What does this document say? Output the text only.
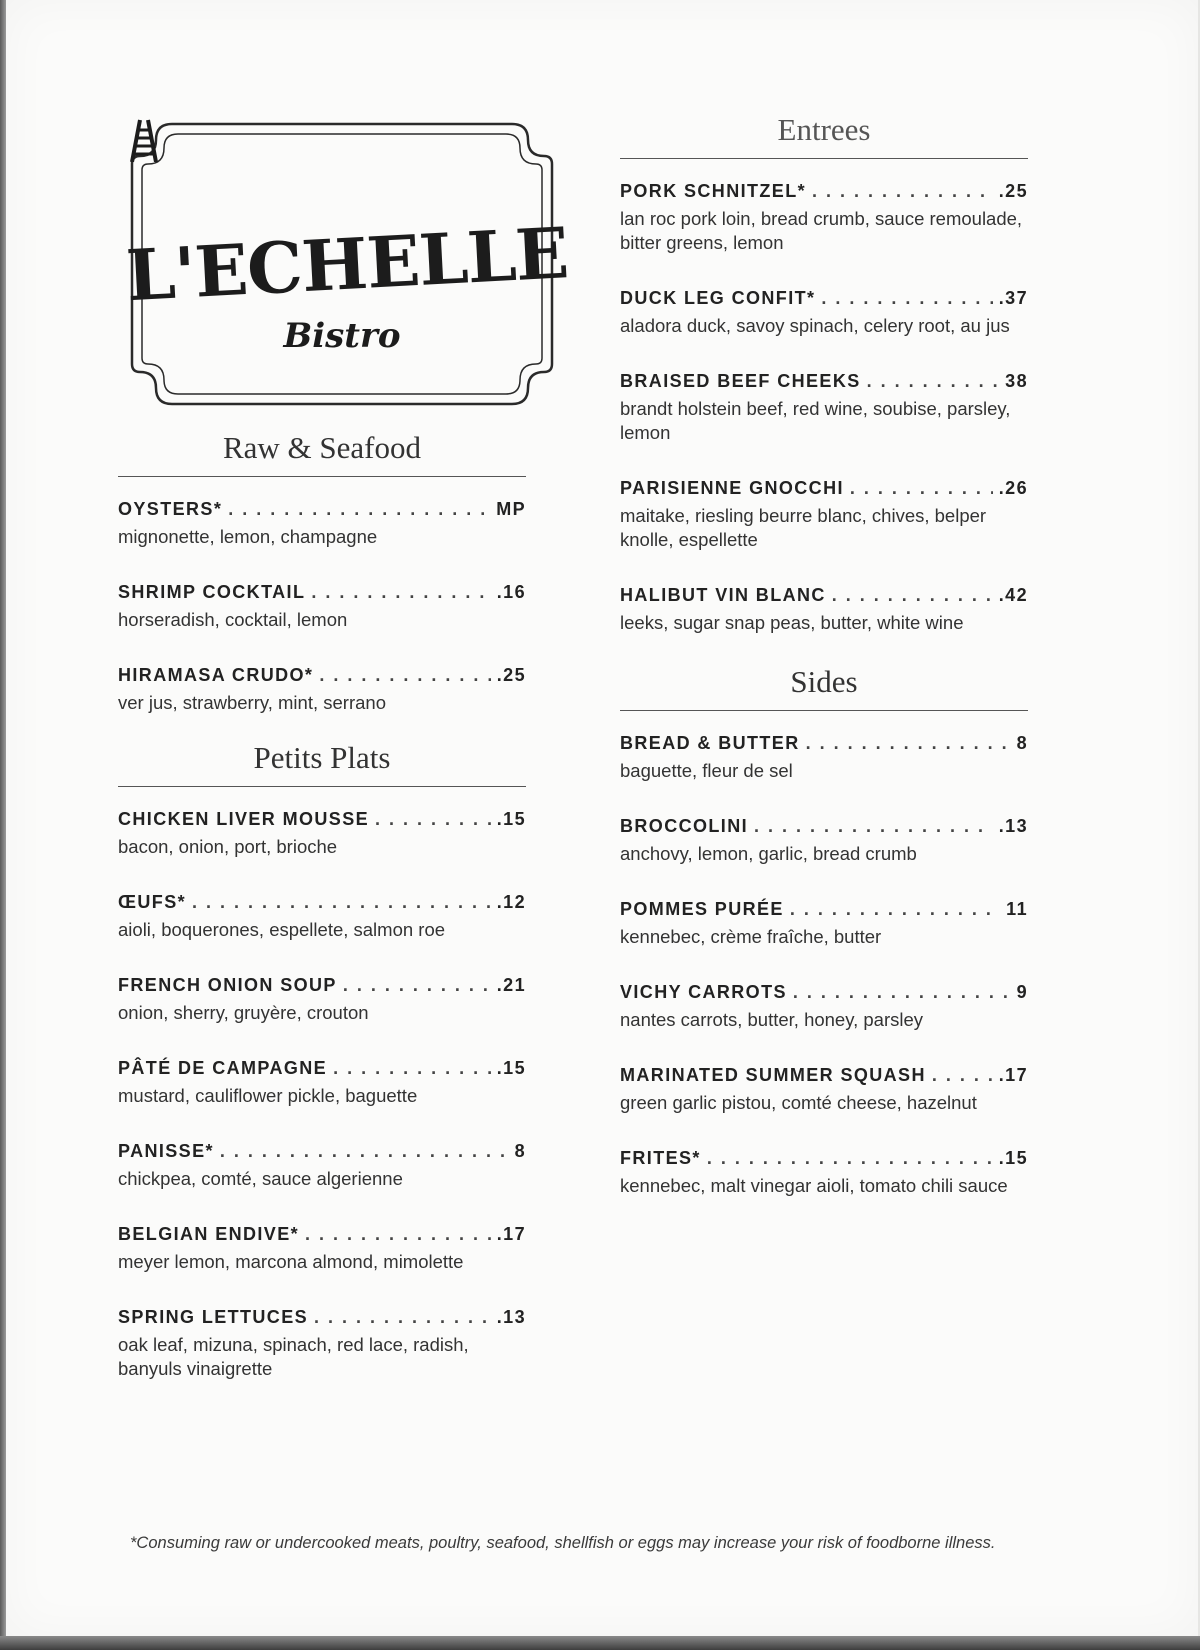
L'ECHELLE
Bistro
Raw & Seafood
OYSTERS* . . .	MP
mignonette, lemon, champagne
SHRIMP COCKTAIL . . .	.16
horseradish, cocktail, lemon
HIRAMASA CRUDO* . . .	.25
ver jus, strawberry, mint, serrano
Petits Plats
CHICKEN LIVER MOUSSE . . .	.15
bacon, onion, port, brioche
ŒUFS* . . .	.12
aioli, boquerones, espellete, salmon roe
FRENCH ONION SOUP . . .	.21
onion, sherry, gruyère, crouton
PÂTÉ DE CAMPAGNE . . .	.15
mustard, cauliflower pickle, baguette
PANISSE* . . .	8
chickpea, comté, sauce algerienne
BELGIAN ENDIVE* . . .	.17
meyer lemon, marcona almond, mimolette
SPRING LETTUCES . . .	.13
oak leaf, mizuna, spinach, red lace, radish, banyuls vinaigrette
Entrees
PORK SCHNITZEL* . . .	.25
lan roc pork loin, bread crumb, sauce remoulade, bitter greens, lemon
DUCK LEG CONFIT* . . .	.37
aladora duck, savoy spinach, celery root, au jus
BRAISED BEEF CHEEKS . . .	38
brandt holstein beef, red wine, soubise, parsley, lemon
PARISIENNE GNOCCHI . . .	.26
maitake, riesling beurre blanc, chives, belper knolle, espellette
HALIBUT VIN BLANC . . .	.42
leeks, sugar snap peas, butter, white wine
Sides
BREAD & BUTTER . . .	8
baguette, fleur de sel
BROCCOLINI . . .	.13
anchovy, lemon, garlic, bread crumb
POMMES PURÉE . . .	11
kennebec, crème fraîche, butter
VICHY CARROTS . . .	9
nantes carrots, butter, honey, parsley
MARINATED SUMMER SQUASH . . .	.17
green garlic pistou, comté cheese, hazelnut
FRITES* . . .	.15
kennebec, malt vinegar aioli, tomato chili sauce
*Consuming raw or undercooked meats, poultry, seafood, shellfish or eggs may increase your risk of foodborne illness.
